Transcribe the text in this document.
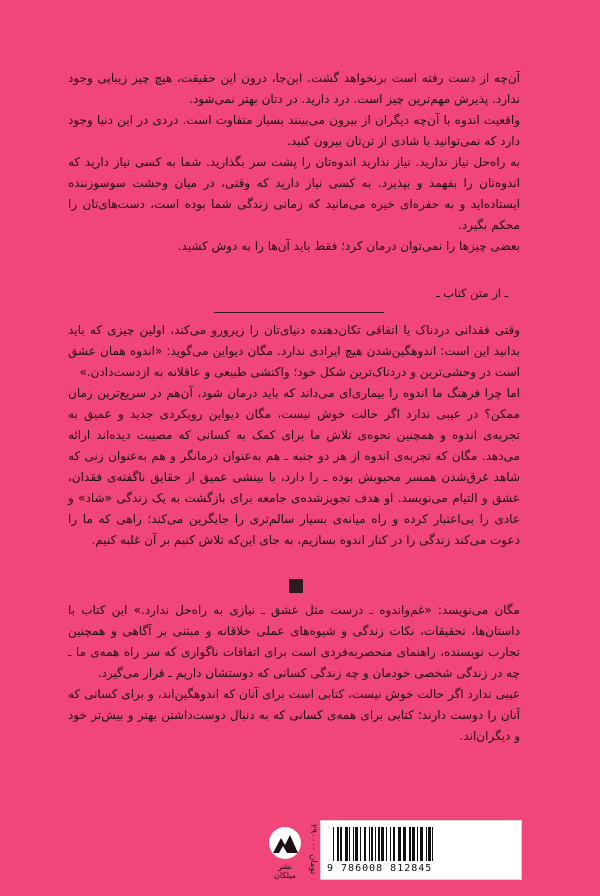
آن‌چه از دست رفته است برنخواهد گشت. این‌جا، درون این حقیقت، هیچ چیز زیبایی وجود ندارد. پذیرش مهم‌ترین چیز است. درد دارید. در دتان بهتر نمی‌شود.

واقعیت اندوه با آن‌چه دیگران از بیرون می‌بینند بسیار متفاوت است. دردی در این دنیا وجود دارد که نمی‌توانید با شادی از تن‌تان بیرون کنید.

به راه‌حل نیاز ندارید. نیاز ندارید اندوه‌تان را پشت سر بگذارید. شما به کسی نیاز دارید که اندوه‌تان را بفهمد و بپذیرد. به کسی نیاز دارید که وقتی، در میان وحشت سوسوزننده ایستاده‌اید و به حفره‌ای خیره می‌مانید که زمانی زندگی شما بوده است، دست‌های‌تان را محکم بگیرد.

بعضی چیزها را نمی‌توان درمان کرد؛ فقط باید آن‌ها را به دوش کشید.

ـ از متن کتاب ـ

وقتی فقدانی دردناک یا اتفاقی تکان‌دهنده دنیای‌تان را زیرورو می‌کند، اولین چیزی که باید بدانید این است: اندوهگین‌شدن هیچ ایرادی ندارد. مگان دیواین می‌گوید: «اندوه همان عشق است در وحشی‌ترین و دردناک‌ترین شکل خود؛ واکنشی طبیعی و عاقلانه به ازدست‌دادن.»

اما چرا فرهنگ ما اندوه را بیماری‌ای می‌داند که باید درمان شود، آن‌هم در سریع‌ترین زمان ممکن؟ در عیبی ندارد اگر حالت خوش نیست، مگان دیواین رویکردی جدید و عمیق به تجربه‌ی اندوه و همچنین نحوه‌ی تلاش ما برای کمک به کسانی که مصیبت دیده‌اند ارائه می‌دهد. مگان که تجربه‌ی اندوه از هر دو جنبه ـ هم به‌عنوان درمانگر و هم به‌عنوان زنی که شاهد غرق‌شدن همسر محبوبش بوده ـ را دارد، با بینشی عمیق از حقایق ناگفته‌ی فقدان، عشق و التیام می‌نویسد. او هدف تجویزشده‌ی جامعه برای بازگشت به یک زندگی «شاد» و عادی را بی‌اعتبار کرده و راه میانه‌ی بسیار سالم‌تری را جایگزین می‌کند؛ راهی که ما را دعوت می‌کند زندگی را در کنار اندوه بسازیم، به جای این‌که تلاش کنیم بر آن غلبه کنیم.

مگان می‌نویسد: «غم‌واندوه ـ درست مثل عشق ـ نیازی به راه‌حل ندارد.» این کتاب با داستان‌ها، تحقیقات، نکات زندگی و شیوه‌های عملی خلاقانه و مبتنی بر آگاهی و همچنین تجارب نویسنده، راهنمای منحصربه‌فردی است برای اتفاقات ناگواری که سر راه همه‌ی ما ـ چه در زندگی شخصی خودمان و چه زندگی کسانی که دوستشان داریم ـ قرار می‌گیرد.

عیبی ندارد اگر حالت خوش نیست، کتابی است برای آنان که اندوهگین‌اند، و برای کسانی که آنان را دوست دارند؛ کتابی برای همه‌ی کسانی که به دنبال دوست‌داشتن بهتر و بیش‌تر خود و دیگران‌اند.

نشر میلکان
۲۹۰۰۰۰ تومان 9 786008 812845
